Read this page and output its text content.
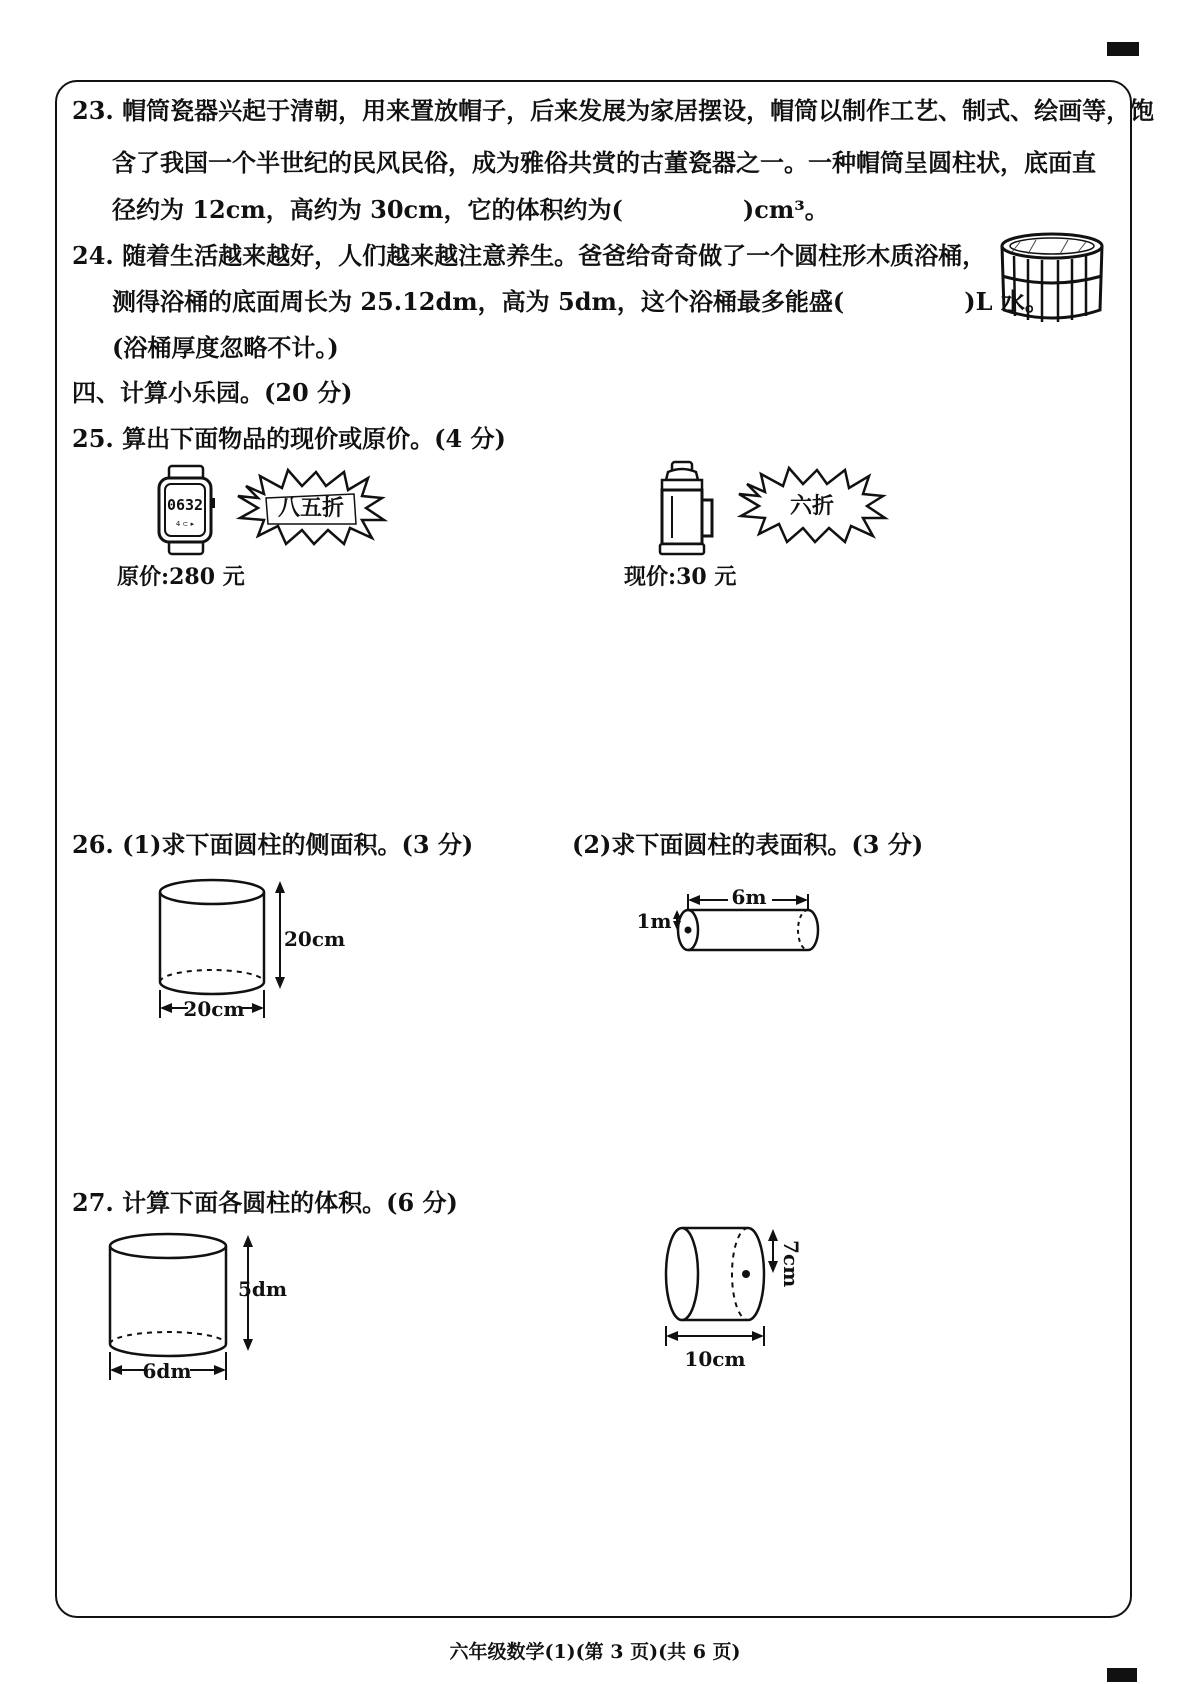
23. 帽筒瓷器兴起于清朝，用来置放帽子，后来发展为家居摆设，帽筒以制作工艺、制式、绘画等，饱
含了我国一个半世纪的民风民俗，成为雅俗共赏的古董瓷器之一。一种帽筒呈圆柱状，底面直
径约为 12cm，高约为 30cm，它的体积约为(　　　　　)cm³。
24. 随着生活越来越好，人们越来越注意养生。爸爸给奇奇做了一个圆柱形木质浴桶，
测得浴桶的底面周长为 25.12dm，高为 5dm，这个浴桶最多能盛(　　　　　)L 水。
(浴桶厚度忽略不计。)
四、计算小乐园。(20 分)
25. 算出下面物品的现价或原价。(4 分)
0632
4 ⊂ ▸
八五折
原价:280 元
六折
现价:30 元
26. (1)求下面圆柱的侧面积。(3 分)	(2)求下面圆柱的表面积。(3 分)
20cm
20cm
6m
1m
27. 计算下面各圆柱的体积。(6 分)
5dm
6dm
7cm
10cm
六年级数学(1)(第 3 页)(共 6 页)
